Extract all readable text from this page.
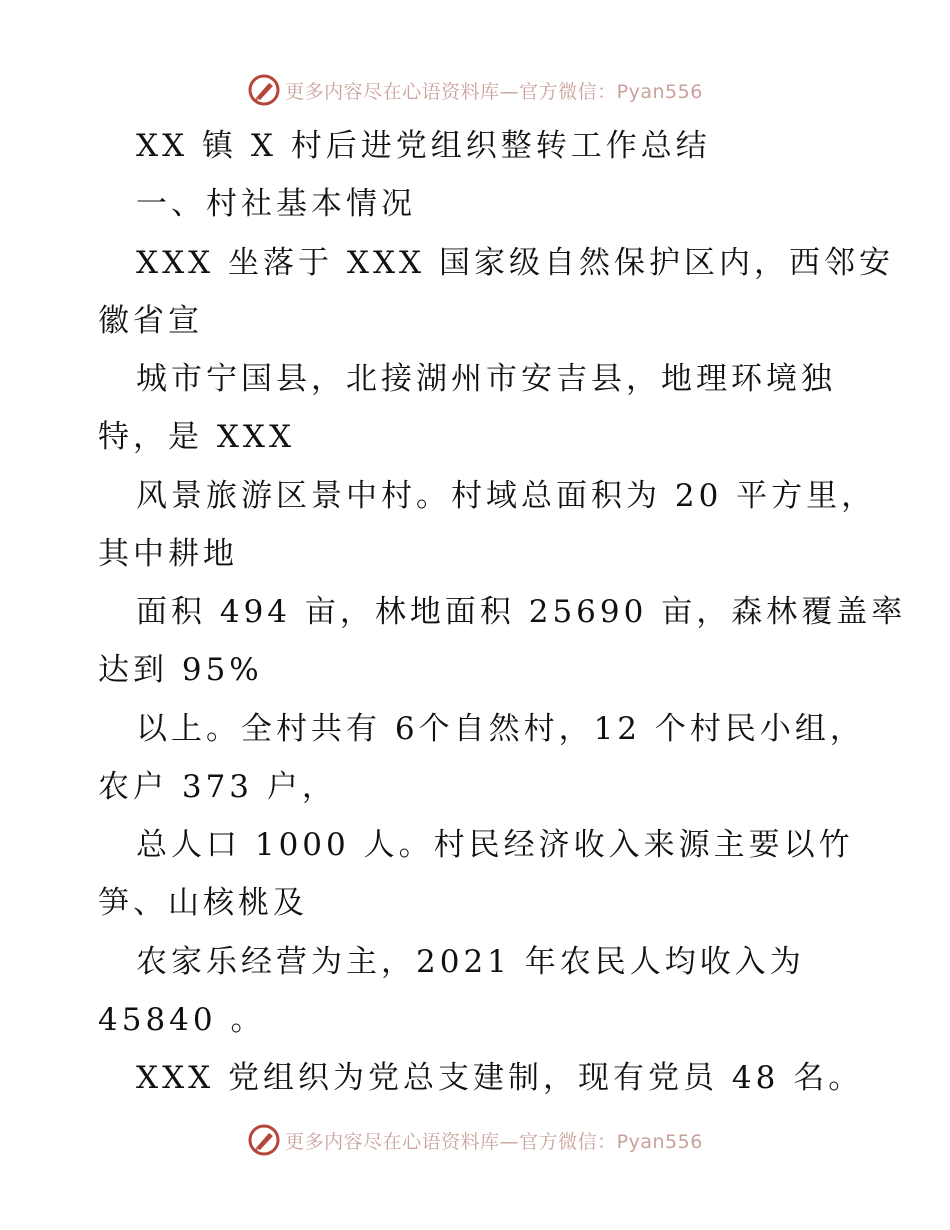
更多内容尽在心语资料库—官方微信：Pyan556
XX 镇 X 村后进党组织整转工作总结
一、村社基本情况
XXX 坐落于 XXX 国家级自然保护区内，西邻安
徽省宣
城市宁国县，北接湖州市安吉县，地理环境独
特，是 XXX
风景旅游区景中村。村域总面积为 20 平方里，
其中耕地
面积 494 亩，林地面积 25690 亩，森林覆盖率
达到 95%
以上。全村共有 6个自然村，12 个村民小组，
农户 373 户，
总人口 1000 人。村民经济收入来源主要以竹
笋、山核桃及
农家乐经营为主，2021 年农民人均收入为
45840 。
XXX 党组织为党总支建制，现有党员 48 名。
更多内容尽在心语资料库—官方微信：Pyan556
